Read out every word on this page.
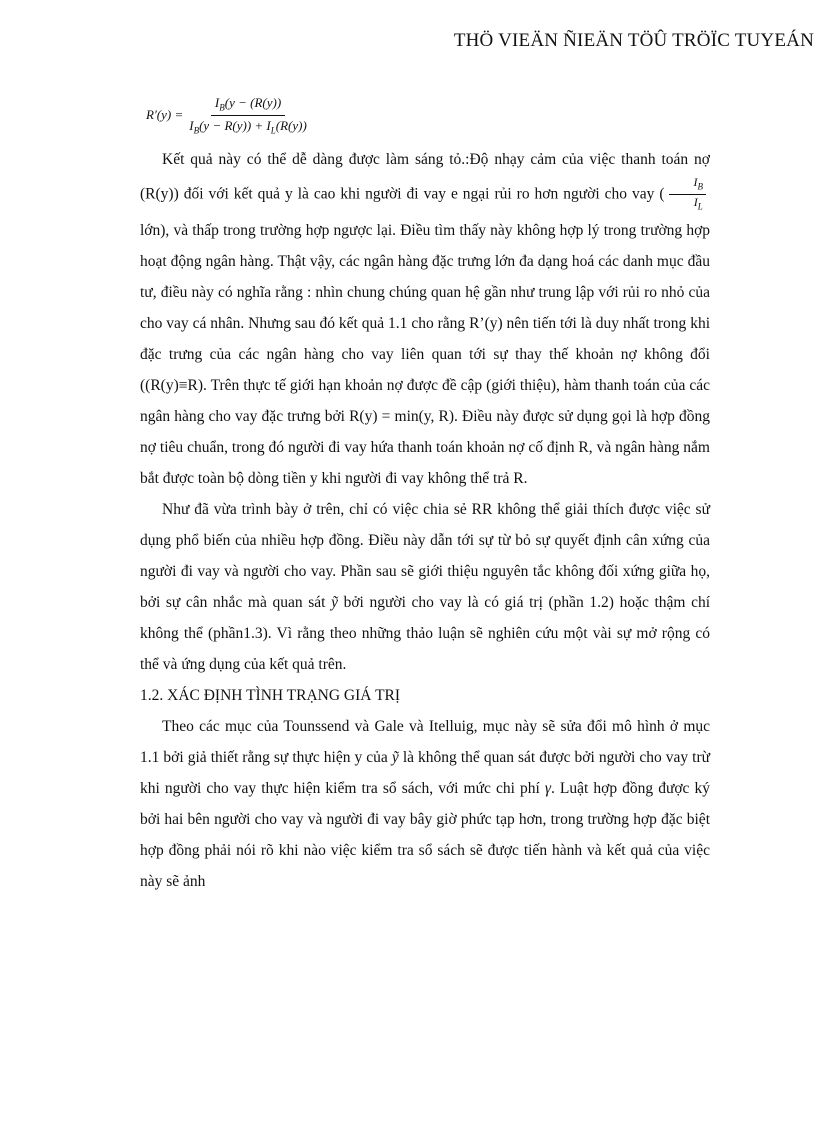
THÖ VIEÄN ÑIEÄN TÖÛ TRÖÏC TUYEÁN
$R'(y) = \frac{I_B(y - (R(y))}{I_B(y - R(y)) + I_L(R(y))}$

Kết quả này có thể dễ dàng được làm sáng tỏ.:Độ nhạy cảm của việc thanh toán nợ (R(y)) đối với kết quả y là cao khi người đi vay e ngại rủi ro hơn người cho vay ( $\frac{I_B}{I_L}$
lớn), và thấp trong trường hợp ngược lại. Điều tìm thấy này không hợp lý trong trường hợp hoạt động ngân hàng. Thật vậy, các ngân hàng đặc trưng lớn đa dạng hoá các danh mục đầu tư, điều này có nghĩa rằng : nhìn chung chúng quan hệ gần như trung lập với rủi ro nhỏ của cho vay cá nhân. Nhưng sau đó kết quả 1.1 cho rằng R’(y) nên tiến tới là duy nhất trong khi đặc trưng của các ngân hàng cho vay liên quan tới sự thay thế khoản nợ không đổi ((R(y)≡R). Trên thực tế giới hạn khoản nợ được đề cập (giới thiệu), hàm thanh toán của các ngân hàng cho vay đặc trưng bởi R(y) = min(y, R). Điều này được sử dụng gọi là hợp đồng nợ tiêu chuẩn, trong đó người đi vay hứa thanh toán khoản nợ cố định R, và ngân hàng nắm bắt được toàn bộ dòng tiền y khi người đi vay không thể trả R.

Như đã vừa trình bày ở trên, chỉ có việc chia sẻ RR không thể giải thích được việc sử dụng phổ biến của nhiều hợp đồng. Điều này dẫn tới sự từ bỏ sự quyết định cân xứng của người đi vay và người cho vay. Phần sau sẽ giới thiệu nguyên tắc không đối xứng giữa họ, bởi sự cân nhắc mà quan sát ỹ bởi người cho vay là có giá trị (phần 1.2) hoặc thậm chí không thể (phần1.3). Vì rằng theo những thảo luận sẽ nghiên cứu một vài sự mở rộng có thể và ứng dụng của kết quả trên.

1.2. XÁC ĐỊNH TÌNH TRẠNG GIÁ TRỊ

Theo các mục của Tounssend và Gale và Itelluig, mục này sẽ sửa đổi mô hình ở mục 1.1 bởi giả thiết rằng sự thực hiện y của ỹ là không thể quan sát được bởi người cho vay trừ khi người cho vay thực hiện kiểm tra sổ sách, với mức chi phí γ. Luật hợp đồng được ký bởi hai bên người cho vay và người đi vay bây giờ phức tạp hơn, trong trường hợp đặc biệt hợp đồng phải nói rõ khi nào việc kiểm tra sổ sách sẽ được tiến hành và kết quả của việc này sẽ ảnh
